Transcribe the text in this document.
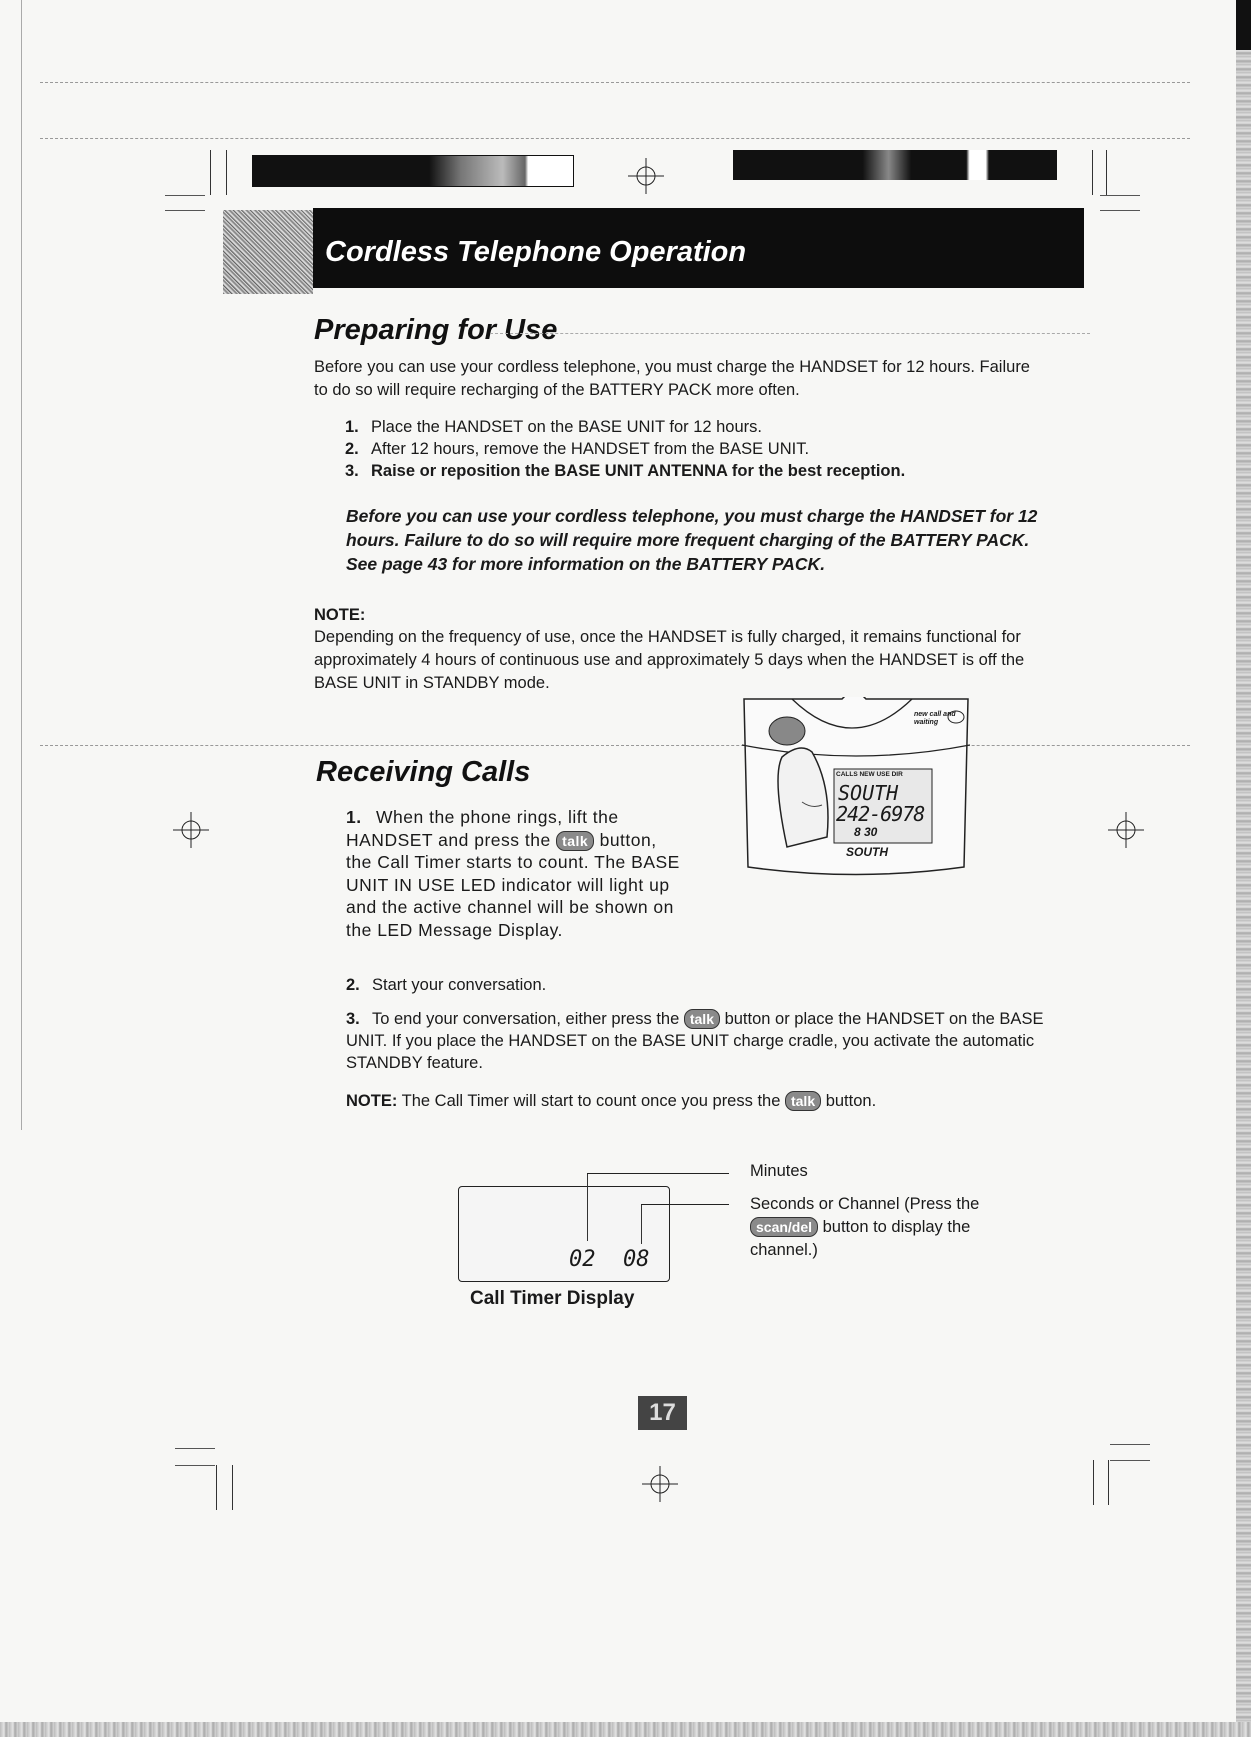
Cordless Telephone Operation
Preparing for Use
Before you can use your cordless telephone, you must charge the HANDSET for 12 hours. Failure to do so will require recharging of the BATTERY PACK more often.
1. Place the HANDSET on the BASE UNIT for 12 hours.
2. After 12 hours, remove the HANDSET from the BASE UNIT.
3. Raise or reposition the BASE UNIT ANTENNA for the best reception.
Before you can use your cordless telephone, you must charge the HANDSET for 12 hours. Failure to do so will require more frequent charging of the BATTERY PACK. See page 43 for more information on the BATTERY PACK.
NOTE:
Depending on the frequency of use, once the HANDSET is fully charged, it remains functional for approximately 4 hours of continuous use and approximately 5 days when the HANDSET is off the BASE UNIT in STANDBY mode.
Receiving Calls
1. When the phone rings, lift the HANDSET and press the talk button, the Call Timer starts to count. The BASE UNIT IN USE LED indicator will light up and the active channel will be shown on the LED Message Display.
2. Start your conversation.
3. To end your conversation, either press the talk button or place the HANDSET on the BASE UNIT. If you place the HANDSET on the BASE UNIT charge cradle, you activate the automatic STANDBY feature.
NOTE: The Call Timer will start to count once you press the talk button.
new call and waiting
CALLS NEW USE DIR
SOUTH
242-6978
8 30
SOUTH
02 08
Call Timer Display
Minutes
Seconds or Channel (Press the scan/del button to display the channel.)
17
